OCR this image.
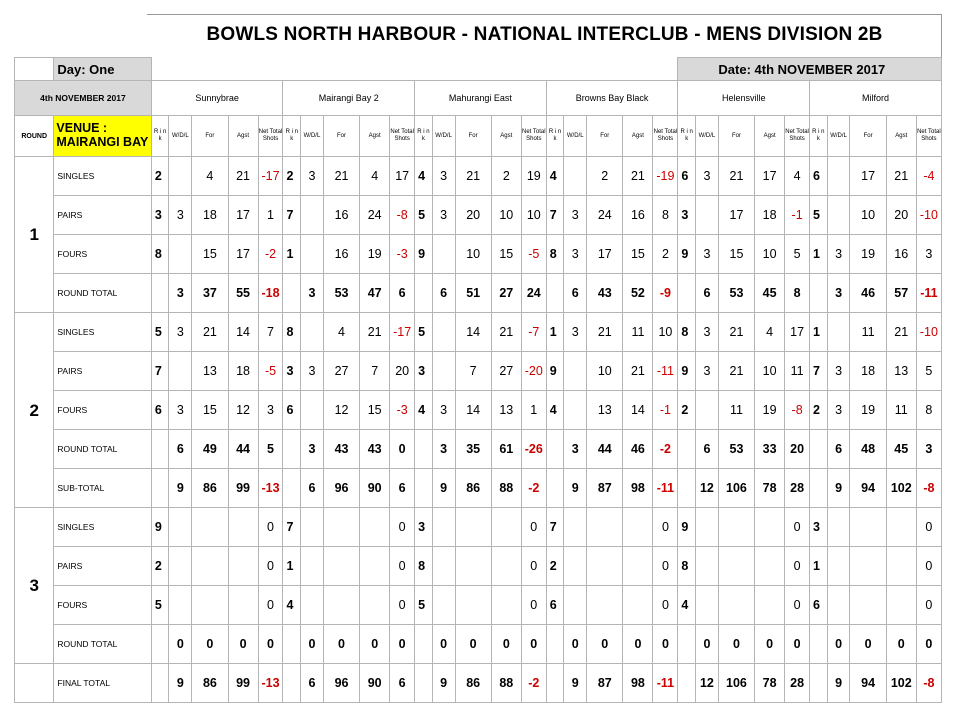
BOWLS NORTH HARBOUR - NATIONAL INTERCLUB - MENS DIVISION 2B
	Day: One																					Date: 4th NOVEMBER 2017									
4th NOVEMBER 2017		Sunnybrae					Mairangi Bay 2					Mahurangi East					Browns Bay Black					Helensville					Milford				
ROUND	VENUE : MAIRANGI BAY	R i n k	W/D/L	For	Agst	Net Total Shots	R i n k	W/D/L	For	Agst	Net Total Shots	R i n k	W/D/L	For	Agst	Net Total Shots	R i n k	W/D/L	For	Agst	Net Total Shots	R i n k	W/D/L	For	Agst	Net Total Shots	R i n k	W/D/L	For	Agst	Net Total Shots
1	SINGLES	2		4	21	-17	2	3	21	4	17	4	3	21	2	19	4		2	21	-19	6	3	21	17	4	6		17	21	-4
	PAIRS	3	3	18	17	1	7		16	24	-8	5	3	20	10	10	7	3	24	16	8	3		17	18	-1	5		10	20	-10
	FOURS	8		15	17	-2	1		16	19	-3	9		10	15	-5	8	3	17	15	2	9	3	15	10	5	1	3	19	16	3
	ROUND TOTAL		3	37	55	-18		3	53	47	6		6	51	27	24		6	43	52	-9		6	53	45	8		3	46	57	-11
2	SINGLES	5	3	21	14	7	8		4	21	-17	5		14	21	-7	1	3	21	11	10	8	3	21	4	17	1		11	21	-10
	PAIRS	7		13	18	-5	3	3	27	7	20	3		7	27	-20	9		10	21	-11	9	3	21	10	11	7	3	18	13	5
	FOURS	6	3	15	12	3	6		12	15	-3	4	3	14	13	1	4		13	14	-1	2		11	19	-8	2	3	19	11	8
	ROUND TOTAL		6	49	44	5		3	43	43	0		3	35	61	-26		3	44	46	-2		6	53	33	20		6	48	45	3
	SUB-TOTAL		9	86	99	-13		6	96	90	6		9	86	88	-2		9	87	98	-11		12	106	78	28		9	94	102	-8
3	SINGLES	9				0	7				0	3				0	7				0	9				0	3				0
	PAIRS	2				0	1				0	8				0	2				0	8				0	1				0
	FOURS	5				0	4				0	5				0	6				0	4				0	6				0
	ROUND TOTAL		0	0	0	0		0	0	0	0		0	0	0	0		0	0	0	0		0	0	0	0		0	0	0	0
	FINAL TOTAL		9	86	99	-13		6	96	90	6		9	86	88	-2		9	87	98	-11		12	106	78	28		9	94	102	-8
